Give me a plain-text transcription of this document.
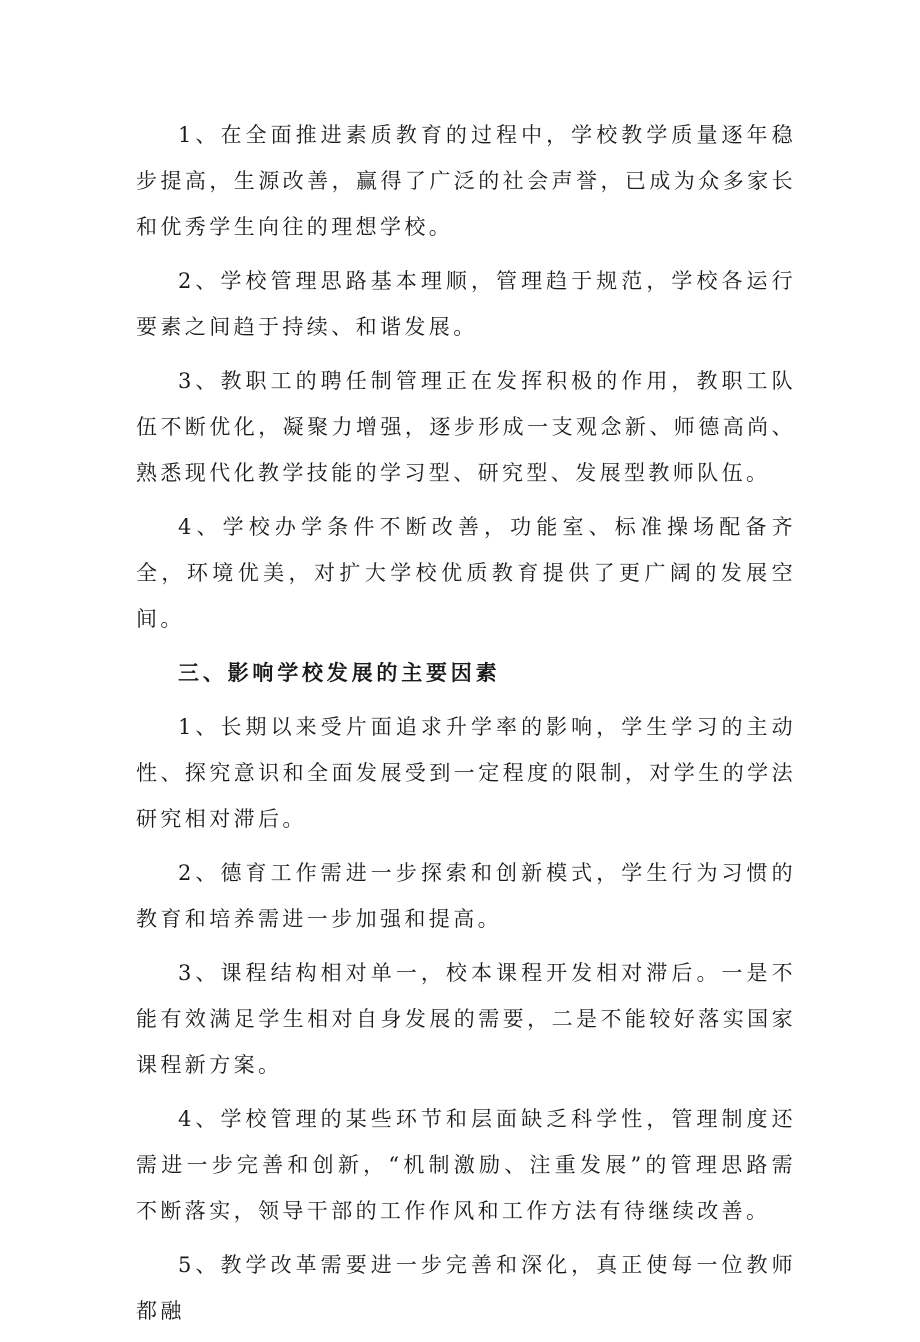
1、在全面推进素质教育的过程中，学校教学质量逐年稳步提高，生源改善，赢得了广泛的社会声誉，已成为众多家长和优秀学生向往的理想学校。

2、学校管理思路基本理顺，管理趋于规范，学校各运行要素之间趋于持续、和谐发展。

3、教职工的聘任制管理正在发挥积极的作用，教职工队伍不断优化，凝聚力增强，逐步形成一支观念新、师德高尚、熟悉现代化教学技能的学习型、研究型、发展型教师队伍。

4、学校办学条件不断改善，功能室、标准操场配备齐全，环境优美，对扩大学校优质教育提供了更广阔的发展空间。

三、影响学校发展的主要因素

1、长期以来受片面追求升学率的影响，学生学习的主动性、探究意识和全面发展受到一定程度的限制，对学生的学法研究相对滞后。

2、德育工作需进一步探索和创新模式，学生行为习惯的教育和培养需进一步加强和提高。

3、课程结构相对单一，校本课程开发相对滞后。一是不能有效满足学生相对自身发展的需要，二是不能较好落实国家课程新方案。

4、学校管理的某些环节和层面缺乏科学性，管理制度还需进一步完善和创新，“机制激励、注重发展”的管理思路需不断落实，领导干部的工作作风和工作方法有待继续改善。

5、教学改革需要进一步完善和深化，真正使每一位教师都融
